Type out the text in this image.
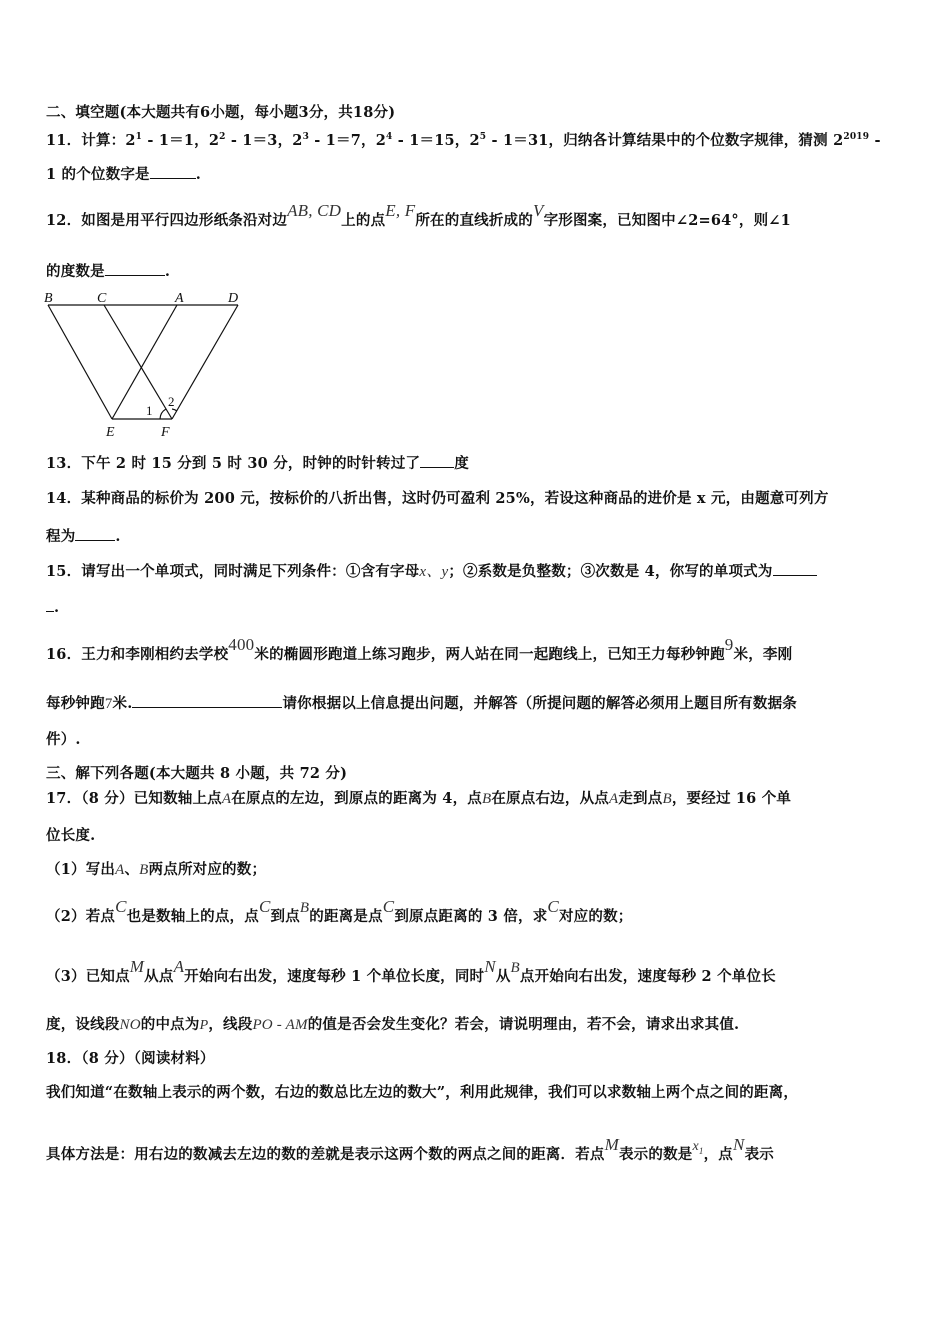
二、填空题(本大题共有6小题，每小题3分，共18分)
11．计算：$2^1 - 1=1$，$2^2 - 1=3$，$2^3 - 1=7$，$2^4 - 1=15$，$2^5 - 1=31$，归纳各计算结果中的个位数字规律，猜测 $2^{2019}$ -
1 的个位数字是	.
12．如图是用平行四边形纸条沿对边AB, CD上的点E, F所在的直线折成的V字形图案，已知图中∠2=64°，则∠1
的度数是	.
B	C	A	D
E	F
1
2
13．下午 2 时 15 分到 5 时 30 分，时钟的时针转过了 度
14．某种商品的标价为 200 元，按标价的八折出售，这时仍可盈利 25%，若设这种商品的进价是 x 元，由题意可列方
程为	.
15．请写出一个单项式，同时满足下列条件：①含有字母x、y；②系数是负整数；③次数是 4，你写的单项式为
.
16．王力和李刚相约去学校400米的椭圆形跑道上练习跑步，两人站在同一起跑线上，已知王力每秒钟跑9米，李刚
每秒钟跑7米.	请你根据以上信息提出问题，并解答（所提问题的解答必须用上题目所有数据条
件）.
三、解下列各题(本大题共 8 小题，共 72 分)
17．（8 分）已知数轴上点A在原点的左边，到原点的距离为 4，点B在原点右边，从点A走到点B，要经过 16 个单
位长度.
（1）写出A、B两点所对应的数；
（2）若点C也是数轴上的点，点C到点B的距离是点C到原点距离的 3 倍，求C对应的数；
（3）已知点M从点A开始向右出发，速度每秒 1 个单位长度，同时N从B点开始向右出发，速度每秒 2 个单位长
度，设线段NO的中点为P，线段PO - AM的值是否会发生变化？若会，请说明理由，若不会，请求出求其值.
18．（8 分）（阅读材料）
我们知道“在数轴上表示的两个数，右边的数总比左边的数大”，利用此规律，我们可以求数轴上两个点之间的距离，
具体方法是：用右边的数减去左边的数的差就是表示这两个数的两点之间的距离．若点M表示的数是$x_1$，点N表示
